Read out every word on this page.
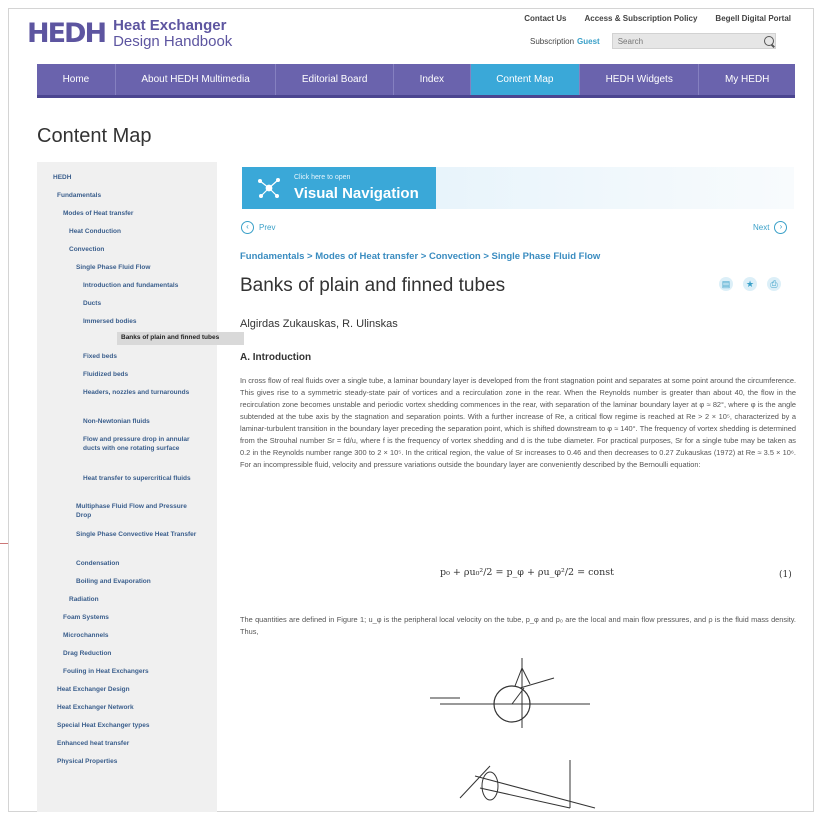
HEDH Heat Exchanger
Design Handbook
Contact Us Access & Subscription Policy Begell Digital Portal
Subscription Guest
Search
Home	About HEDH Multimedia	Editorial Board	Index	Content Map	HEDH Widgets	My HEDH
Content Map
HEDH
Fundamentals
Modes of Heat transfer
Heat Conduction
Convection
Single Phase Fluid Flow
Introduction and fundamentals
Ducts
Immersed bodies
Banks of plain and finned tubes
Fixed beds
Fluidized beds
Headers, nozzles and turnarounds
Non-Newtonian fluids
Flow and pressure drop in annular ducts with one rotating surface
Heat transfer to supercritical fluids
Multiphase Fluid Flow and Pressure Drop
Single Phase Convective Heat Transfer
Condensation
Boiling and Evaporation
Radiation
Foam Systems
Microchannels
Drag Reduction
Fouling in Heat Exchangers
Heat Exchanger Design
Heat Exchanger Network
Special Heat Exchanger types
Enhanced heat transfer
Physical Properties
Click here to open
Visual Navigation
‹	Prev	Next	›
Fundamentals > Modes of Heat transfer > Convection > Single Phase Fluid Flow
Banks of plain and finned tubes	▤	★	⎙
Algirdas Zukauskas, R. Ulinskas
A. Introduction
In cross flow of real fluids over a single tube, a laminar boundary layer is developed from the front stagnation point and separates at some point around the circumference. This gives rise to a symmetric steady-state pair of vortices and a recirculation zone in the rear. When the Reynolds number is greater than about 40, the flow in the recirculation zone becomes unstable and periodic vortex shedding commences in the rear, with separation of the laminar boundary layer at φ ≈ 82°, where φ is the angle subtended at the tube axis by the stagnation and separation points. With a further increase of Re, a critical flow regime is reached at Re > 2 × 10⁵, characterized by a laminar-turbulent transition in the boundary layer preceding the separation point, which is shifted downstream to φ ≈ 140°. The frequency of vortex shedding is determined from the Strouhal number Sr = fd/u, where f is the frequency of vortex shedding and d is the tube diameter. For practical purposes, Sr for a single tube may be taken as 0.2 in the Reynolds number range 300 to 2 × 10⁵. In the critical region, the value of Sr increases to 0.46 and then decreases to 0.27 Zukauskas (1972) at Re ≈ 3.5 × 10⁶. For an incompressible fluid, velocity and pressure variations outside the boundary layer are conveniently described by the Bernoulli equation:
p₀ + ρu₀²/2 = p_φ + ρu_φ²/2 = const	(1)
The quantities are defined in Figure 1; u_φ is the peripheral local velocity on the tube, p_φ and p₀ are the local and main flow pressures, and ρ is the fluid mass density. Thus,
